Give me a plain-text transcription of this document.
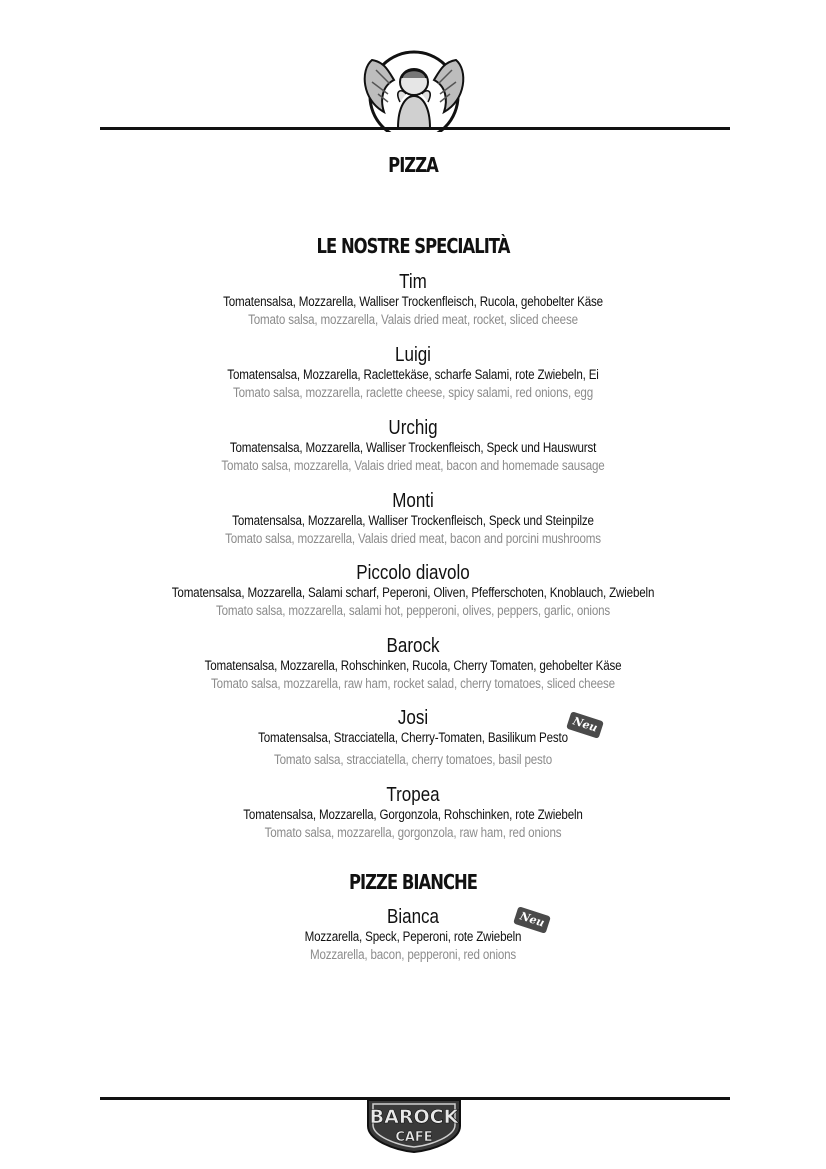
PIZZA
LE NOSTRE SPECIALITÀ
Tim
Tomatensalsa, Mozzarella, Walliser Trockenfleisch, Rucola, gehobelter Käse
Tomato salsa, mozzarella, Valais dried meat, rocket, sliced cheese
Luigi
Tomatensalsa, Mozzarella, Raclettekäse, scharfe Salami, rote Zwiebeln, Ei
Tomato salsa, mozzarella, raclette cheese, spicy salami, red onions, egg
Urchig
Tomatensalsa, Mozzarella, Walliser Trockenfleisch, Speck und Hauswurst
Tomato salsa, mozzarella, Valais dried meat, bacon and homemade sausage
Monti
Tomatensalsa, Mozzarella, Walliser Trockenfleisch, Speck und Steinpilze
Tomato salsa, mozzarella, Valais dried meat, bacon and porcini mushrooms
Piccolo diavolo
Tomatensalsa, Mozzarella, Salami scharf, Peperoni, Oliven, Pfefferschoten, Knoblauch, Zwiebeln
Tomato salsa, mozzarella, salami hot, pepperoni, olives, peppers, garlic, onions
Barock
Tomatensalsa, Mozzarella, Rohschinken, Rucola, Cherry Tomaten, gehobelter Käse
Tomato salsa, mozzarella, raw ham, rocket salad, cherry tomatoes, sliced cheese
Josi
Tomatensalsa, Stracciatella, Cherry-Tomaten, Basilikum Pesto
Tomato salsa, stracciatella, cherry tomatoes, basil pesto
Neu
Tropea
Tomatensalsa, Mozzarella, Gorgonzola, Rohschinken, rote Zwiebeln
Tomato salsa, mozzarella, gorgonzola, raw ham, red onions
PIZZE BIANCHE
Bianca
Mozzarella, Speck, Peperoni, rote Zwiebeln
Mozzarella, bacon, pepperoni, red onions
Neu
BAROCK
CAFE
